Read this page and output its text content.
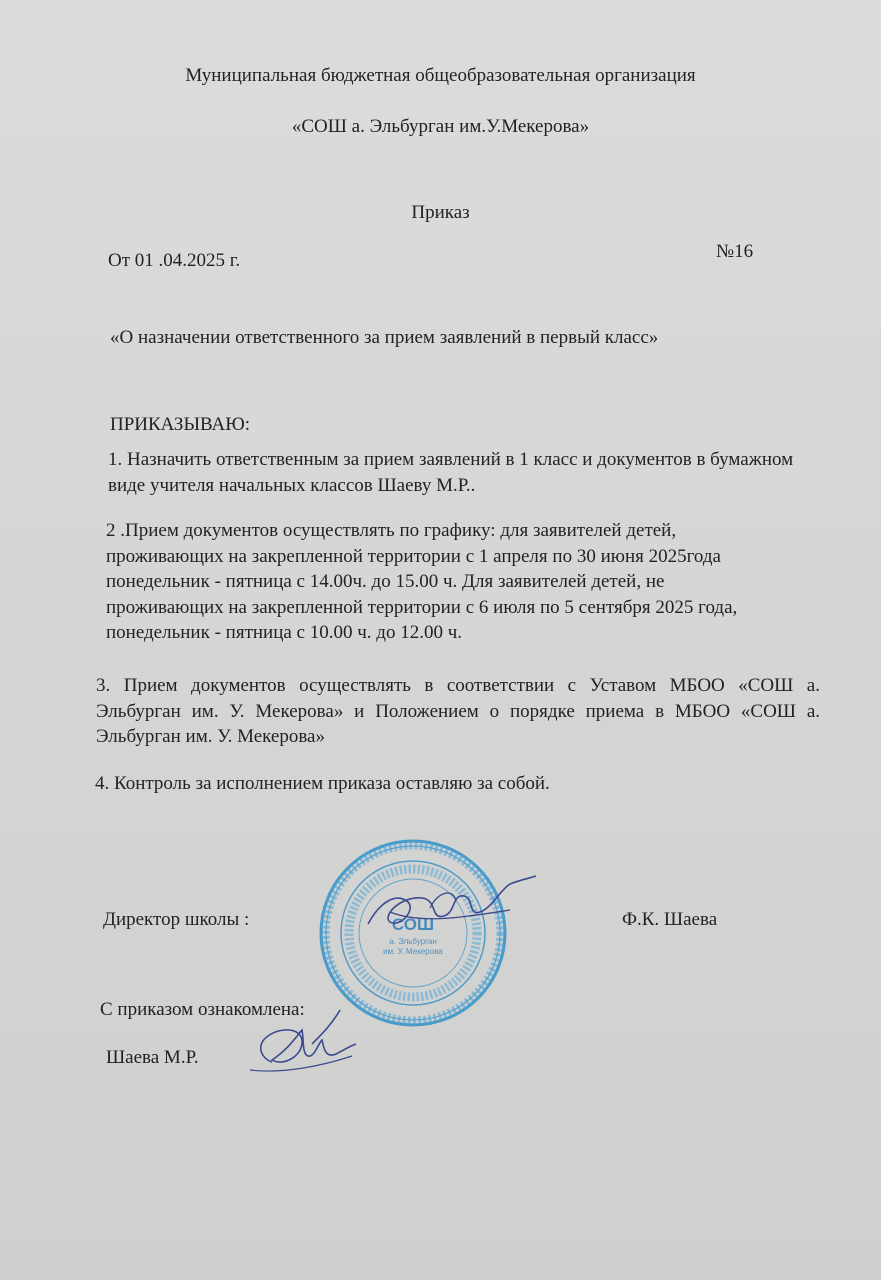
Муниципальная бюджетная общеобразовательная организация
«СОШ а. Эльбурган им.У.Мекерова»
Приказ
От 01 .04.2025 г.	№16
«О назначении ответственного за прием заявлений в первый класс»
ПРИКАЗЫВАЮ:
1. Назначить ответственным за прием заявлений в 1 класс и документов в бумажном виде учителя начальных классов Шаеву М.Р..
2 .Прием документов осуществлять по графику: для заявителей детей, проживающих на закрепленной территории с 1 апреля по 30 июня 2025года понедельник - пятница с 14.00ч. до 15.00 ч. Для заявителей детей, не проживающих на закрепленной территории с 6 июля по 5 сентября 2025 года, понедельник - пятница с 10.00 ч. до 12.00 ч.
3. Прием документов осуществлять в соответствии с Уставом МБОО «СОШ а. Эльбурган им. У. Мекерова» и Положением о порядке приема в МБОО «СОШ а. Эльбурган им. У. Мекерова»
4. Контроль за исполнением приказа оставляю за собой.
Директор школы :	Ф.К. Шаева
СОШ
а. Эльбурган
им. У. Мекерова
С приказом ознакомлена:
Шаева М.Р.
